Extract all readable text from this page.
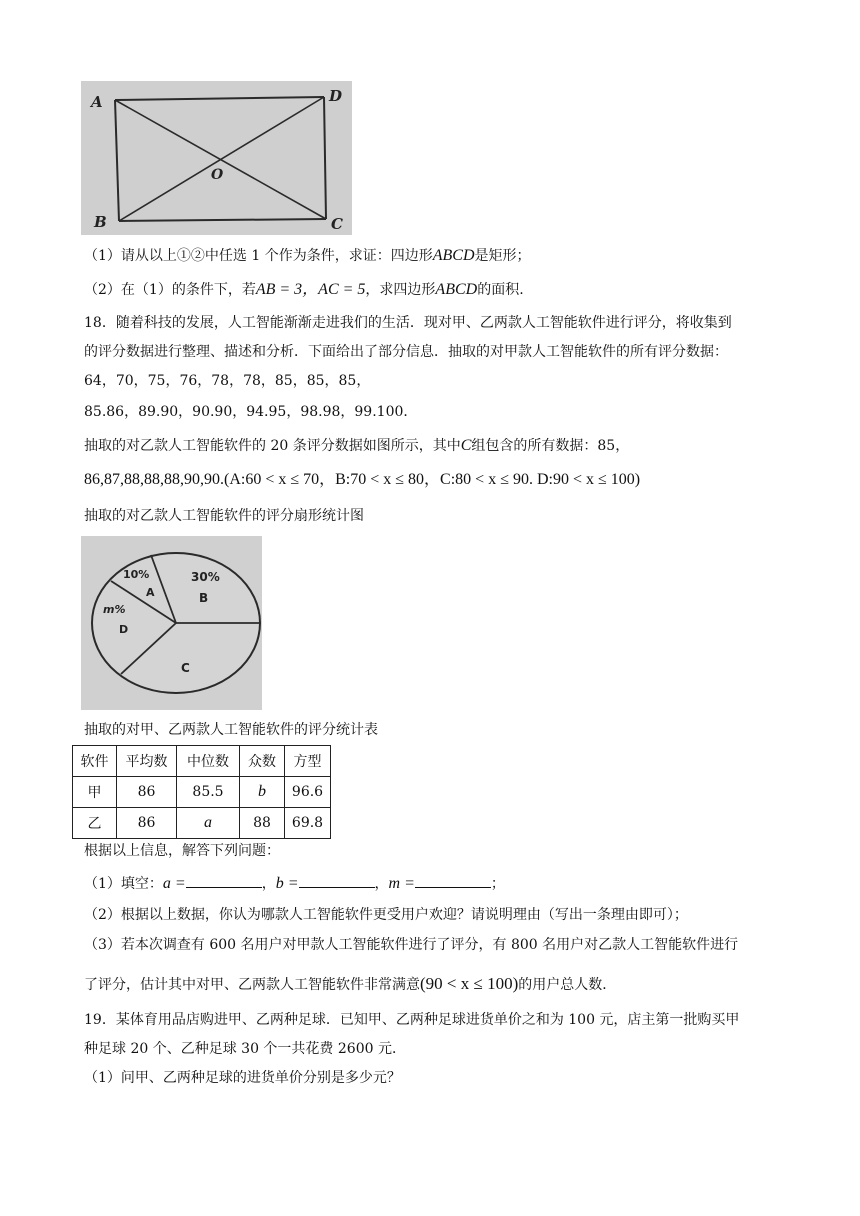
A	D
B	C
O
（1）请从以上①②中任选 1 个作为条件，求证：四边形ABCD是矩形；
（2）在（1）的条件下，若AB = 3，AC = 5，求四边形ABCD的面积.
18．随着科技的发展，人工智能渐渐走进我们的生活．现对甲、乙两款人工智能软件进行评分，将收集到
的评分数据进行整理、描述和分析．下面给出了部分信息．抽取的对甲款人工智能软件的所有评分数据：
64，70，75，76，78，78，85，85，85，
85.86，89.90，90.90，94.95，98.98，99.100．
抽取的对乙款人工智能软件的 20 条评分数据如图所示，其中C组包含的所有数据：85，
86,87,88,88,88,90,90.(A:60 < x ≤ 70，B:70 < x ≤ 80，C:80 < x ≤ 90. D:90 < x ≤ 100)
抽取的对乙款人工智能软件的评分扇形统计图
10%
A
30%
B
m%
D
C
抽取的对甲、乙两款人工智能软件的评分统计表
软件	平均数	中位数	众数	方型
甲	86	85.5	b	96.6
乙	86	a	88	69.8
根据以上信息，解答下列问题：
（1）填空：a =	，b =	，m =	；
（2）根据以上数据，你认为哪款人工智能软件更受用户欢迎？请说明理由（写出一条理由即可）；
（3）若本次调查有 600 名用户对甲款人工智能软件进行了评分，有 800 名用户对乙款人工智能软件进行
了评分，估计其中对甲、乙两款人工智能软件非常满意(90 < x ≤ 100)的用户总人数．
19．某体育用品店购进甲、乙两种足球．已知甲、乙两种足球进货单价之和为 100 元，店主第一批购买甲
种足球 20 个、乙种足球 30 个一共花费 2600 元．
（1）问甲、乙两种足球的进货单价分别是多少元？
